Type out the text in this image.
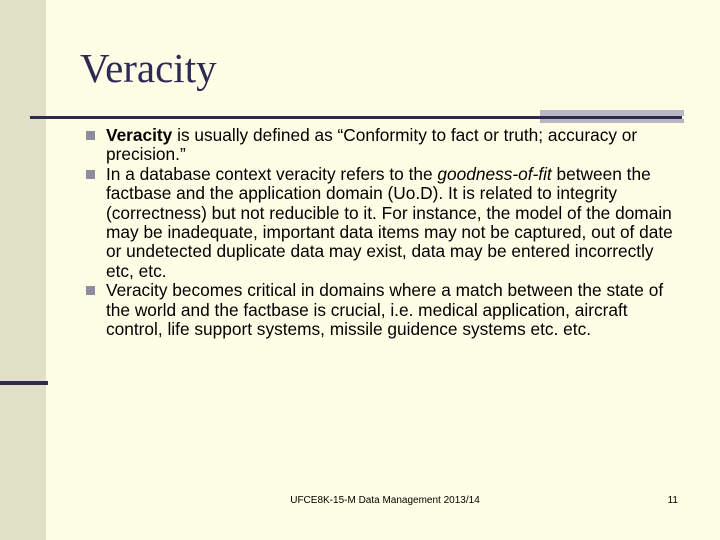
Veracity
Veracity is usually defined as “Conformity to fact or truth; accuracy or precision.”
In a database context veracity refers to the goodness-of-fit between the factbase and the application domain (Uo.D). It is related to integrity (correctness) but not reducible to it. For instance, the model of the domain may be inadequate, important data items may not be captured, out of date or undetected duplicate data may exist, data may be entered incorrectly etc, etc.
Veracity becomes critical in domains where a match between the state of the world and the factbase is crucial, i.e. medical application, aircraft control, life support systems, missile guidence systems etc. etc.
UFCE8K-15-M Data Management 2013/14	11
